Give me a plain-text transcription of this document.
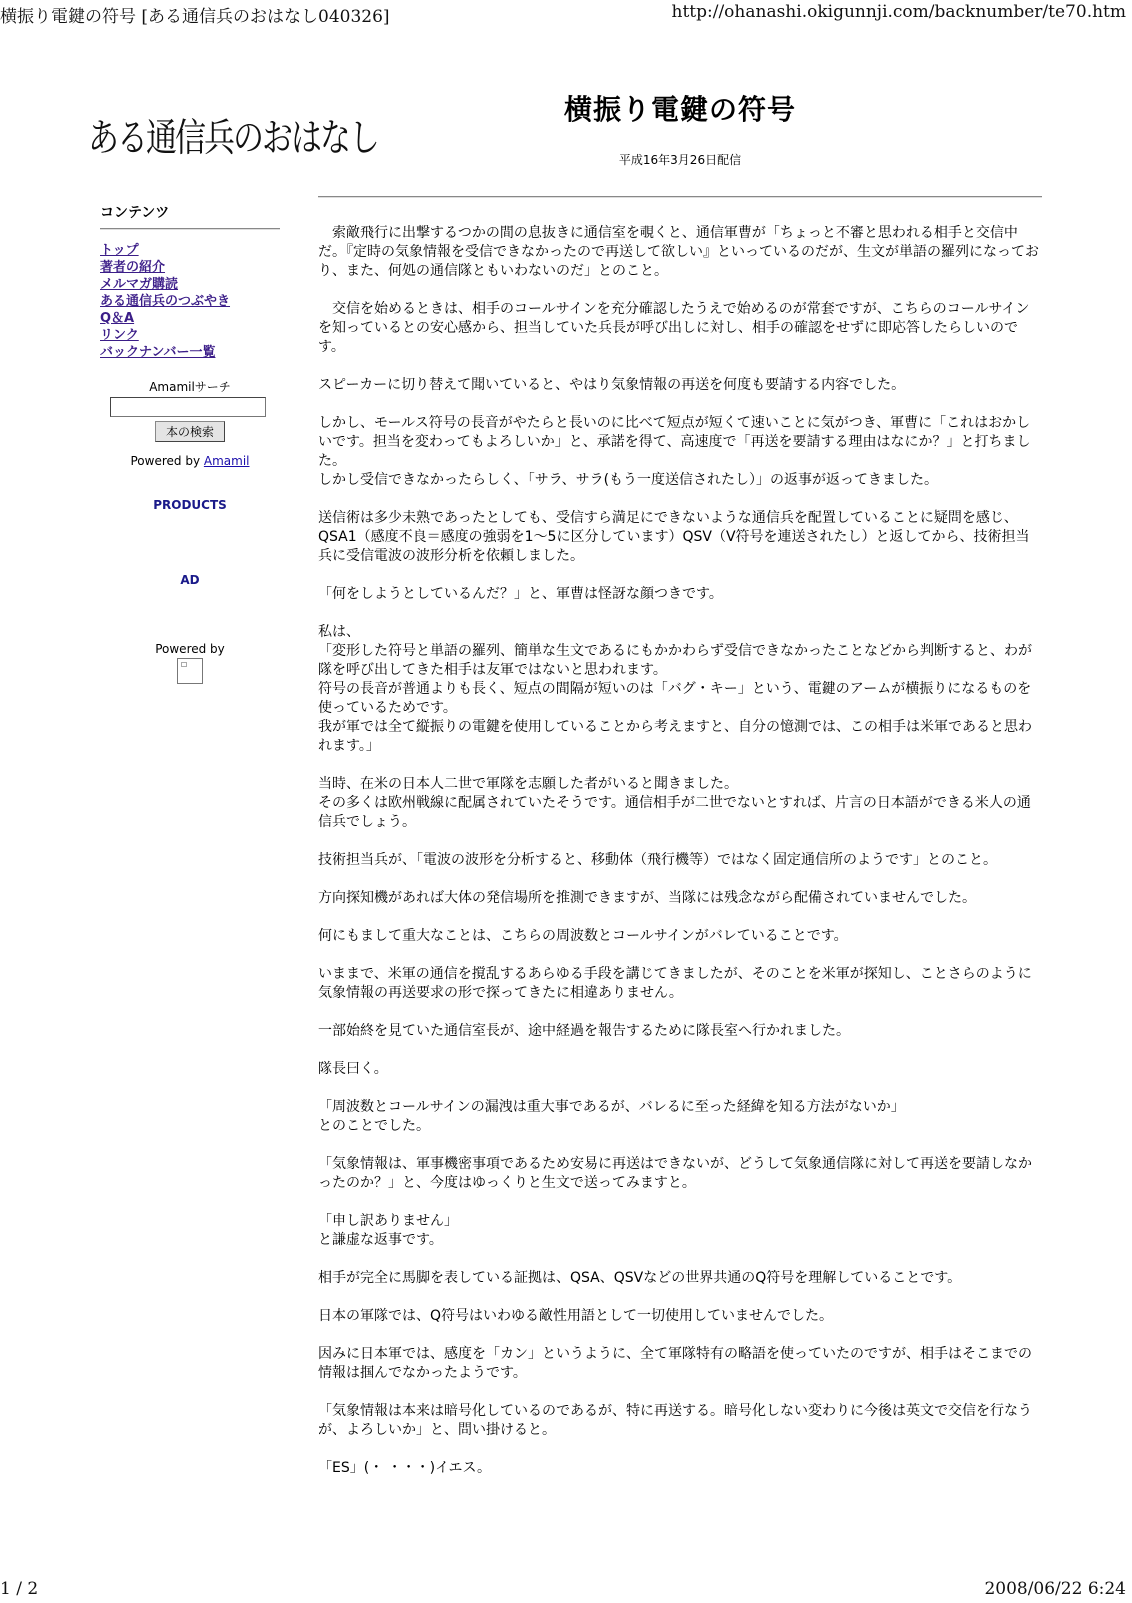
横振り電鍵の符号 [ある通信兵のおはなし040326]	http://ohanashi.okigunnji.com/backnumber/te70.htm
ある通信兵のおはなし
横振り電鍵の符号
平成16年3月26日配信
コンテンツ
トップ
著者の紹介
メルマガ購読
ある通信兵のつぶやき
Q＆A
リンク
バックナンバー一覧
Amamilサーチ
本の検索
Powered by Amamil
PRODUCTS
AD
Powered by

　索敵飛行に出撃するつかの間の息抜きに通信室を覗くと、通信軍曹が「ちょっと不審と思われる相手と交信中だ。『定時の気象情報を受信できなかったので再送して欲しい』といっているのだが、生文が単語の羅列になっており、また、何処の通信隊ともいわないのだ」とのこと。

　交信を始めるときは、相手のコールサインを充分確認したうえで始めるのが常套ですが、こちらのコールサインを知っているとの安心感から、担当していた兵長が呼び出しに対し、相手の確認をせずに即応答したらしいのです。

スピーカーに切り替えて聞いていると、やはり気象情報の再送を何度も要請する内容でした。

しかし、モールス符号の長音がやたらと長いのに比べて短点が短くて速いことに気がつき、軍曹に「これはおかしいです。担当を変わってもよろしいか」と、承諾を得て、高速度で「再送を要請する理由はなにか？」と打ちました。
しかし受信できなかったらしく、「サラ、サラ(もう一度送信されたし）」の返事が返ってきました。

送信術は多少未熟であったとしても、受信すら満足にできないような通信兵を配置していることに疑問を感じ、QSA1（感度不良＝感度の強弱を1～5に区分しています）QSV（V符号を連送されたし）と返してから、技術担当兵に受信電波の波形分析を依頼しました。

「何をしようとしているんだ？」と、軍曹は怪訝な顔つきです。

私は、
「変形した符号と単語の羅列、簡単な生文であるにもかかわらず受信できなかったことなどから判断すると、わが隊を呼び出してきた相手は友軍ではないと思われます。
符号の長音が普通よりも長く、短点の間隔が短いのは「バグ・キー」という、電鍵のアームが横振りになるものを使っているためです。
我が軍では全て縦振りの電鍵を使用していることから考えますと、自分の憶測では、この相手は米軍であると思われます。」

当時、在米の日本人二世で軍隊を志願した者がいると聞きました。
その多くは欧州戦線に配属されていたそうです。通信相手が二世でないとすれば、片言の日本語ができる米人の通信兵でしょう。

技術担当兵が、「電波の波形を分析すると、移動体（飛行機等）ではなく固定通信所のようです」とのこと。

方向探知機があれば大体の発信場所を推測できますが、当隊には残念ながら配備されていませんでした。

何にもまして重大なことは、こちらの周波数とコールサインがバレていることです。

いままで、米軍の通信を撹乱するあらゆる手段を講じてきましたが、そのことを米軍が探知し、ことさらのように気象情報の再送要求の形で探ってきたに相違ありません。

一部始終を見ていた通信室長が、途中経過を報告するために隊長室へ行かれました。

隊長曰く。

「周波数とコールサインの漏洩は重大事であるが、バレるに至った経緯を知る方法がないか」
とのことでした。

「気象情報は、軍事機密事項であるため安易に再送はできないが、どうして気象通信隊に対して再送を要請しなかったのか？」と、今度はゆっくりと生文で送ってみますと。

「申し訳ありません」
と謙虚な返事です。

相手が完全に馬脚を表している証拠は、QSA、QSVなどの世界共通のQ符号を理解していることです。

日本の軍隊では、Q符号はいわゆる敵性用語として一切使用していませんでした。

因みに日本軍では、感度を「カン」というように、全て軍隊特有の略語を使っていたのですが、相手はそこまでの情報は掴んでなかったようです。

「気象情報は本来は暗号化しているのであるが、特に再送する。暗号化しない変わりに今後は英文で交信を行なうが、よろしいか」と、問い掛けると。

「ES」(・ ・・・)イエス。

1 / 2	2008/06/22 6:24
